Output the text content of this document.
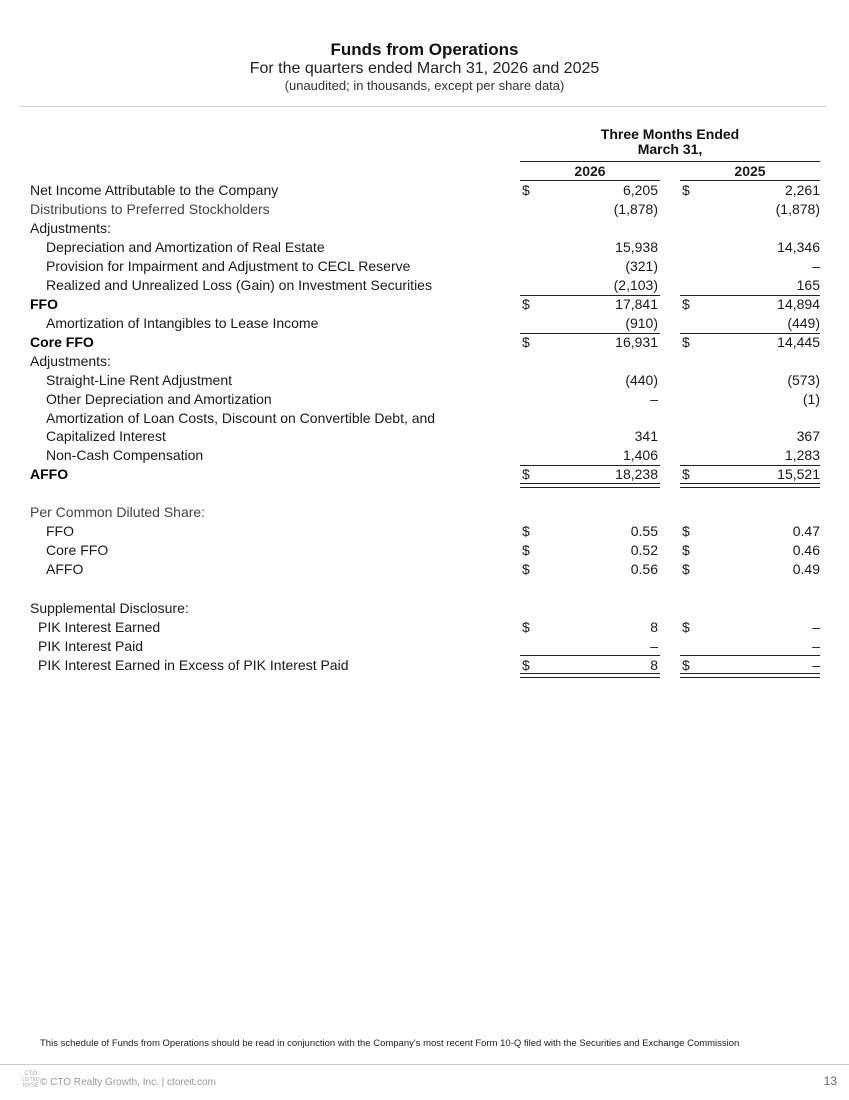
Funds from Operations
For the quarters ended March 31, 2026 and 2025
(unaudited; in thousands, except per share data)
Three Months Ended
March 31,
2026	2025
Net Income Attributable to the Company	$	6,205 $	2,261
Distributions to Preferred Stockholders	(1,878)	(1,878)
Adjustments:
Depreciation and Amortization of Real Estate	15,938	14,346
Provision for Impairment and Adjustment to CECL Reserve	(321)	–
Realized and Unrealized Loss (Gain) on Investment Securities	(2,103)	165
FFO	$	17,841 $	14,894
Amortization of Intangibles to Lease Income	(910)	(449)
Core FFO	$	16,931 $	14,445
Adjustments:
Straight-Line Rent Adjustment	(440)	(573)
Other Depreciation and Amortization	–	(1)
Amortization of Loan Costs, Discount on Convertible Debt, and
Capitalized Interest	341	367
Non-Cash Compensation	1,406	1,283
AFFO	$	18,238 $	15,521
Per Common Diluted Share:
FFO	$	0.55 $	0.47
Core FFO	$	0.52 $	0.46
AFFO	$	0.56 $	0.49
Supplemental Disclosure:
PIK Interest Earned	$	8 $	–
PIK Interest Paid	–	–
PIK Interest Earned in Excess of PIK Interest Paid	$	8 $	–
This schedule of Funds from Operations should be read in conjunction with the Company's most recent Form 10-Q filed with the Securities and Exchange Commission
CTO
LISTED
NYSE © CTO Realty Growth, Inc. | ctoreit.com	13
